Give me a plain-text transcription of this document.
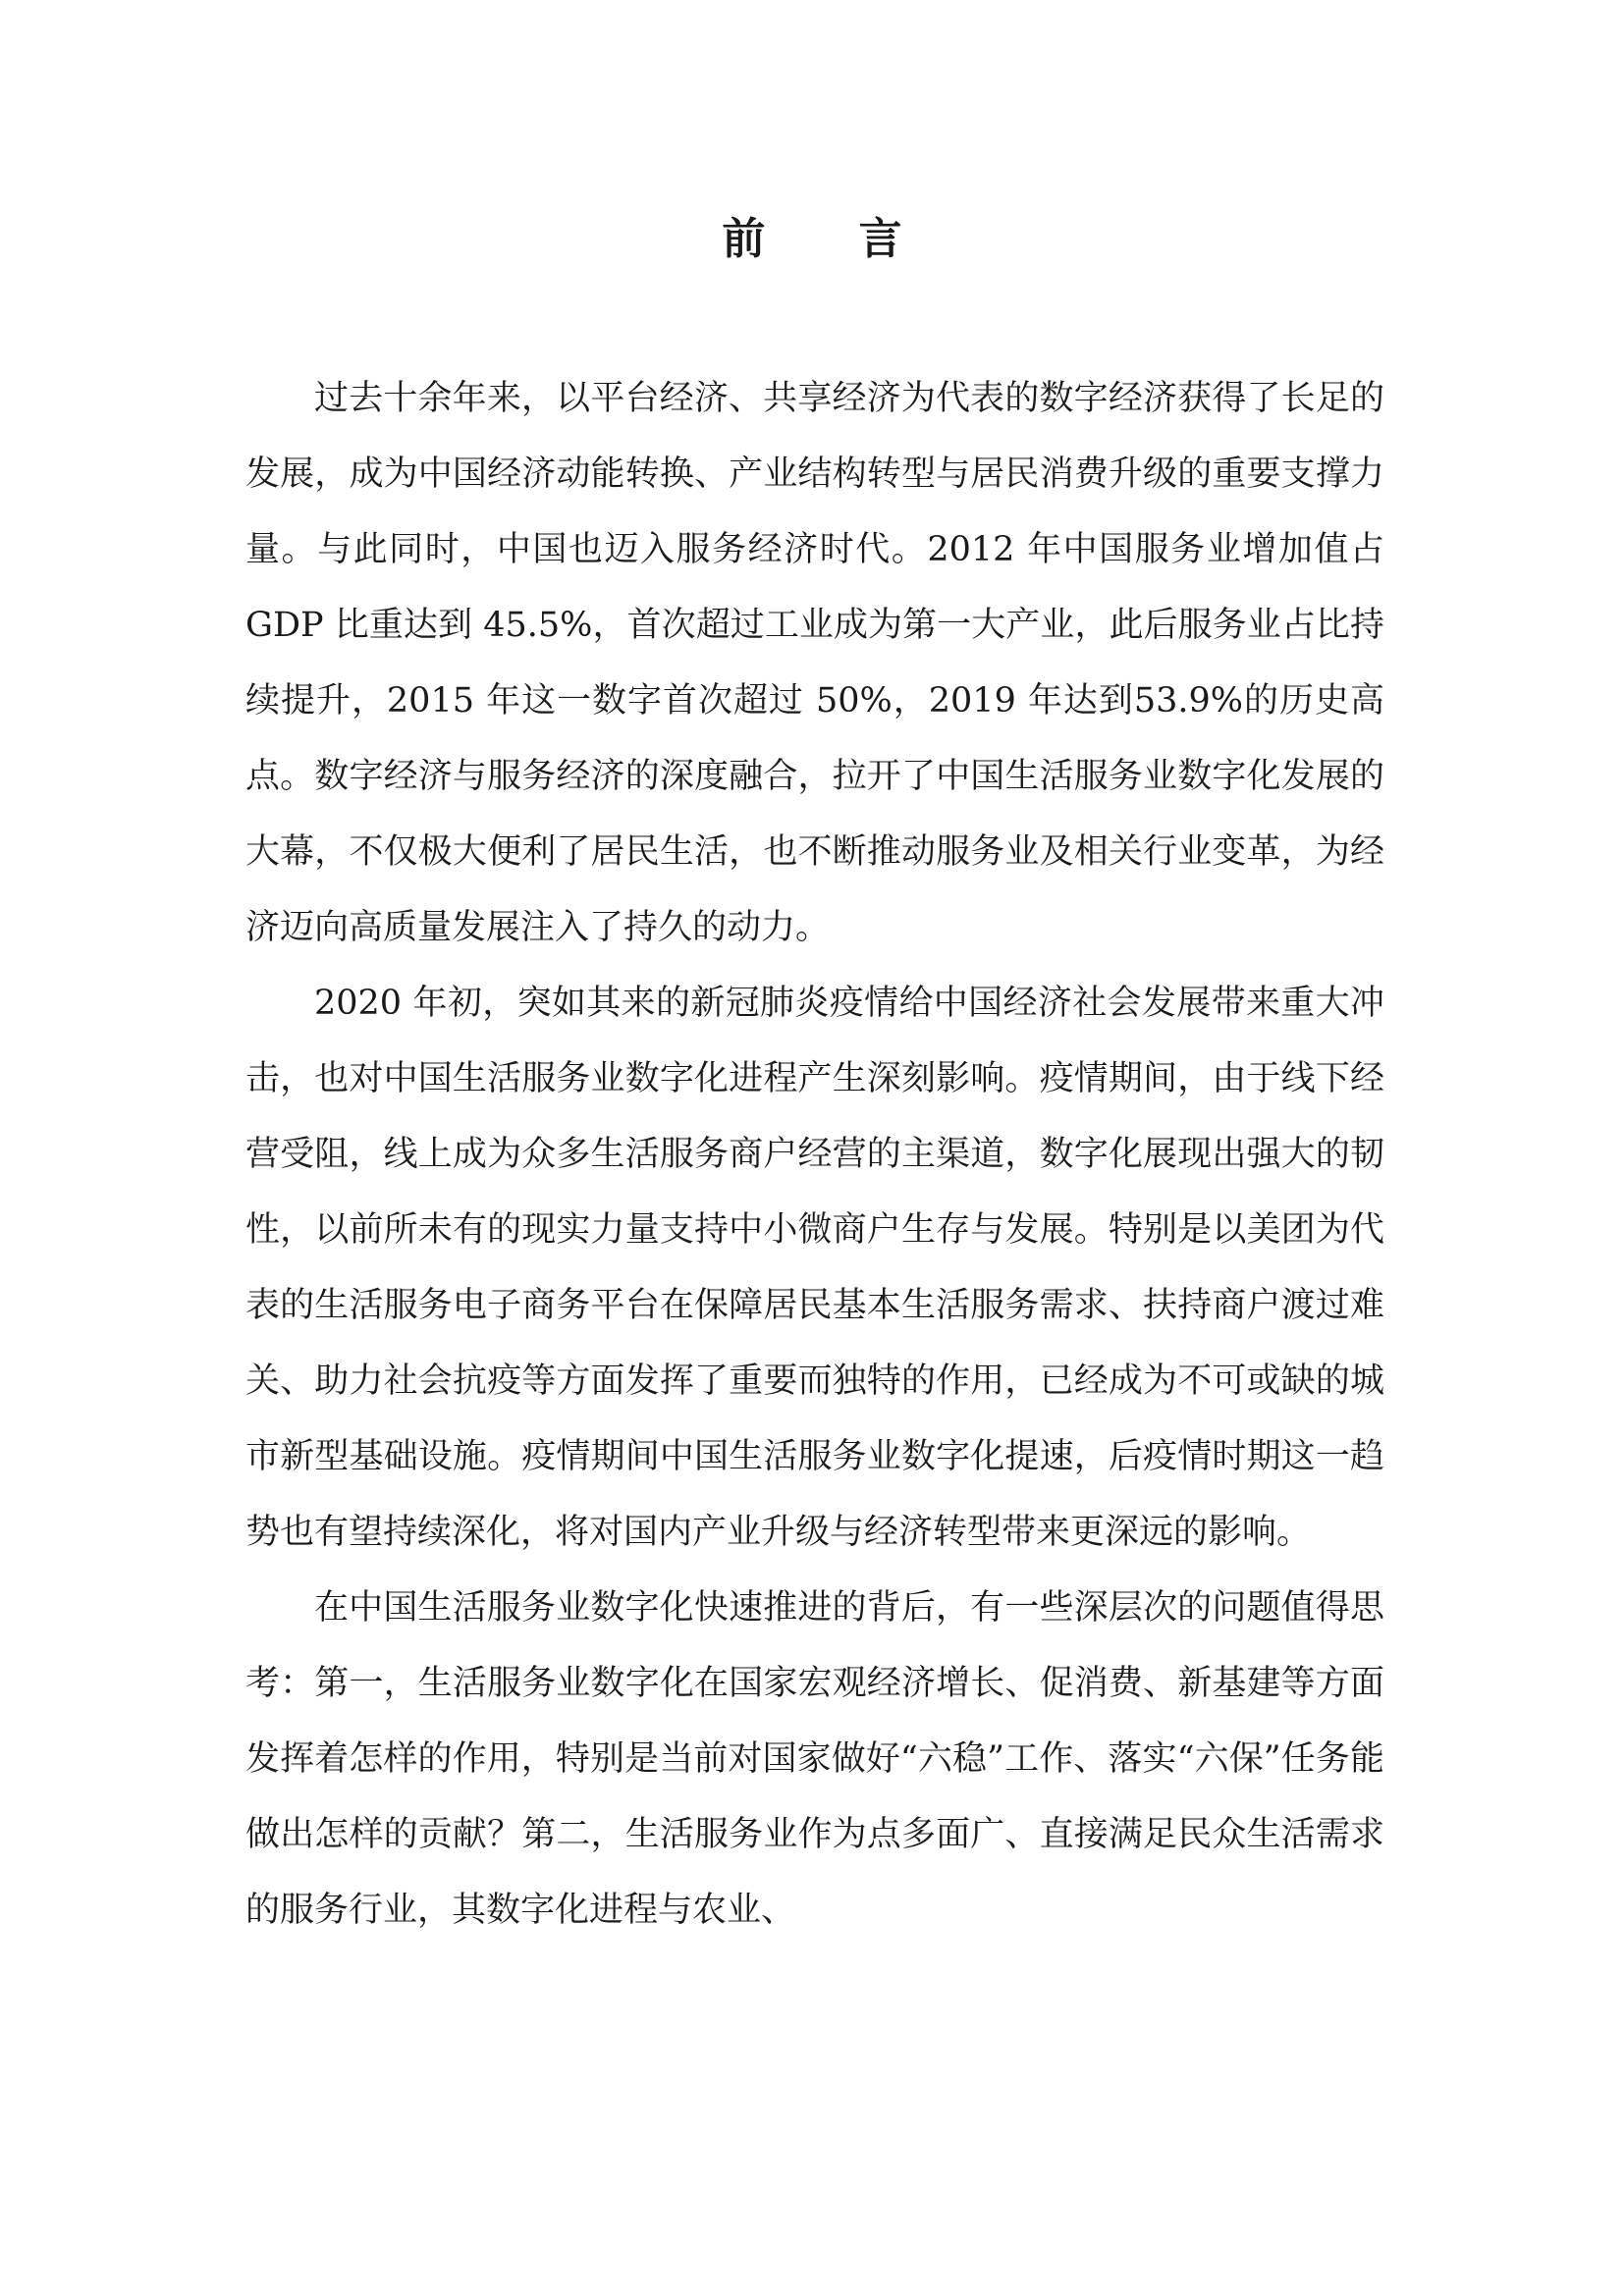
前 言

过去十余年来，以平台经济、共享经济为代表的数字经济获得了长足的发展，成为中国经济动能转换、产业结构转型与居民消费升级的重要支撑力量。与此同时，中国也迈入服务经济时代。2012 年中国服务业增加值占 GDP 比重达到 45.5%，首次超过工业成为第一大产业，此后服务业占比持续提升，2015 年这一数字首次超过 50%，2019 年达到53.9%的历史高点。数字经济与服务经济的深度融合，拉开了中国生活服务业数字化发展的大幕，不仅极大便利了居民生活，也不断推动服务业及相关行业变革，为经济迈向高质量发展注入了持久的动力。

2020 年初，突如其来的新冠肺炎疫情给中国经济社会发展带来重大冲击，也对中国生活服务业数字化进程产生深刻影响。疫情期间，由于线下经营受阻，线上成为众多生活服务商户经营的主渠道，数字化展现出强大的韧性，以前所未有的现实力量支持中小微商户生存与发展。特别是以美团为代表的生活服务电子商务平台在保障居民基本生活服务需求、扶持商户渡过难关、助力社会抗疫等方面发挥了重要而独特的作用，已经成为不可或缺的城市新型基础设施。疫情期间中国生活服务业数字化提速，后疫情时期这一趋势也有望持续深化，将对国内产业升级与经济转型带来更深远的影响。

在中国生活服务业数字化快速推进的背后，有一些深层次的问题值得思考：第一，生活服务业数字化在国家宏观经济增长、促消费、新基建等方面发挥着怎样的作用，特别是当前对国家做好“六稳”工作、落实“六保”任务能做出怎样的贡献？第二，生活服务业作为点多面广、直接满足民众生活需求的服务行业，其数字化进程与农业、
